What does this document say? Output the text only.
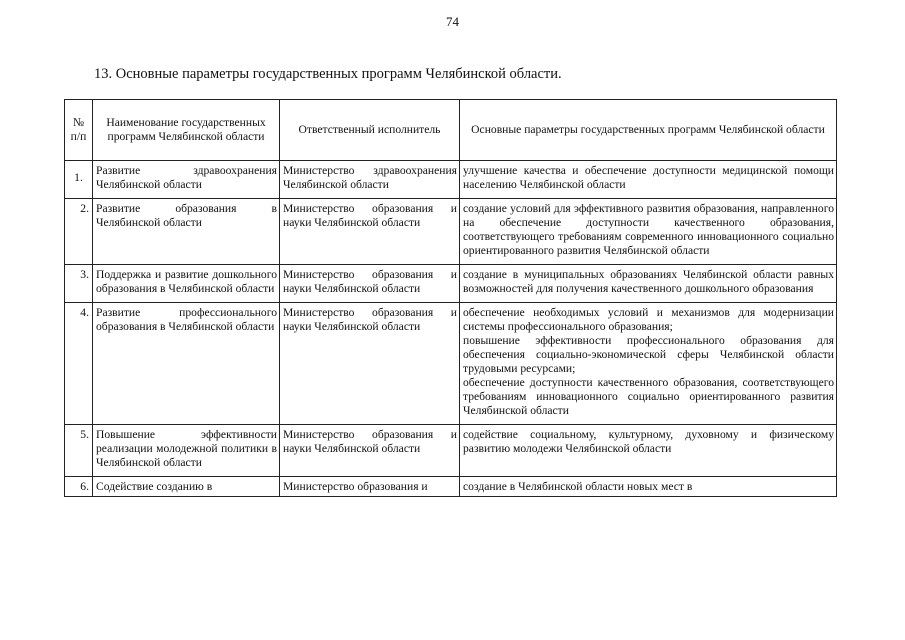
74
13. Основные параметры государственных программ Челябинской области.
№
п/п	Наименование государственных программ Челябинской области	Ответственный исполнитель	Основные параметры государственных программ Челябинской области
1.	Развитие здравоохранения Челябинской области	Министерство здравоохранения Челябинской области	улучшение качества и обеспечение доступности медицинской помощи населению Челябинской области

2.	Развитие образования в Челябинской области	Министерство образования и науки Челябинской области	создание условий для эффективного развития образования, направленного на обеспечение доступности качественного образования, соответствующего требованиям современного инновационного социально ориентированного развития Челябинской области

3.	Поддержка и развитие дошкольного образования в Челябинской области	Министерство образования и науки Челябинской области	создание в муниципальных образованиях Челябинской области равных возможностей для получения качественного дошкольного образования

4.	Развитие профессионального образования в Челябинской области	Министерство образования и науки Челябинской области	обеспечение необходимых условий и механизмов для модернизации системы профессионального образования;
повышение эффективности профессионального образования для обеспечения социально-экономической сферы Челябинской области трудовыми ресурсами;
обеспечение доступности качественного образования, соответствующего требованиям инновационного социально ориентированного развития Челябинской области

5.	Повышение эффективности реализации молодежной политики в Челябинской области	Министерство образования и науки Челябинской области	содействие социальному, культурному, духовному и физическому развитию молодежи Челябинской области

6.	Содействие созданию в	Министерство образования и	создание в Челябинской области новых мест в
